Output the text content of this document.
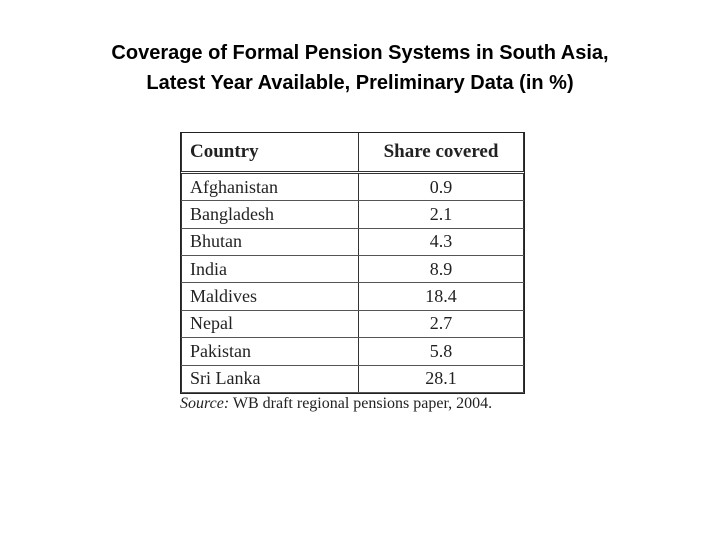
Coverage of Formal Pension Systems in South Asia,
Latest Year Available, Preliminary Data (in %)
Country	Share covered
Afghanistan	0.9
Bangladesh	2.1
Bhutan	4.3
India	8.9
Maldives	18.4
Nepal	2.7
Pakistan	5.8
Sri Lanka	28.1
Source: WB draft regional pensions paper, 2004.
